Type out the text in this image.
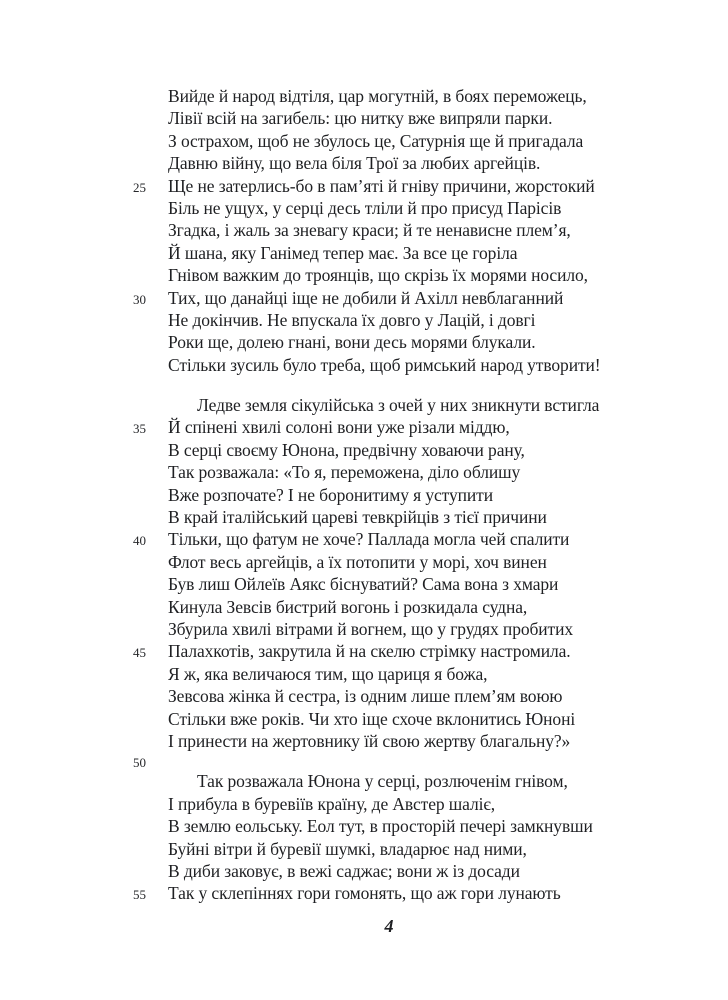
Вийде й народ відтіля, цар могутній, в боях переможець,
Лівії всій на загибель: цю нитку вже випряли парки.
З острахом, щоб не збулось це, Сатурнія ще й пригадала
Давню війну, що вела біля Трої за любих аргейців.
25	Ще не затерлись-бо в пам’яті й гніву причини, жорстокий
Біль не ущух, у серці десь тліли й про присуд Парісів
Згадка, і жаль за зневагу краси; й те ненависне плем’я,
Й шана, яку Ганімед тепер має. За все це горіла
Гнівом важким до троянців, що скрізь їх морями носило,
30	Тих, що данайці іще не добили й Ахілл невблаганний
Не докінчив. Не впускала їх довго у Лацій, і довгі
Роки ще, долею гнані, вони десь морями блукали.
Стільки зусиль було треба, щоб римський народ утворити!
Ледве земля сікулійська з очей у них зникнути встигла
35	Й спінені хвилі солоні вони уже різали міддю,
В серці своєму Юнона, предвічну ховаючи рану,
Так розважала: «То я, переможена, діло облишу
Вже розпочате? І не боронитиму я уступити
В край італійський цареві тевкрійців з тієї причини
40	Тільки, що фатум не хоче? Паллада могла чей спалити
Флот весь аргейців, а їх потопити у морі, хоч винен
Був лиш Ойлеїв Аякс біснуватий? Сама вона з хмари
Кинула Зевсів бистрий вогонь і розкидала судна,
Збурила хвилі вітрами й вогнем, що у грудях пробитих
45	Палахкотів, закрутила й на скелю стрімку настромила.
Я ж, яка величаюся тим, що цариця я божа,
Зевсова жінка й сестра, із одним лише плем’ям воюю
Стільки вже років. Чи хто іще схоче вклонитись Юноні
І принести на жертовнику їй свою жертву благальну?»
50
Так розважала Юнона у серці, розлюченім гнівом,
І прибула в буревіїв країну, де Австер шаліє,
В землю еольську. Еол тут, в просторій печері замкнувши
Буйні вітри й буревії шумкі, владарює над ними,
В диби заковує, в вежі саджає; вони ж із досади
55	Так у склепіннях гори гомонять, що аж гори лунають
4
